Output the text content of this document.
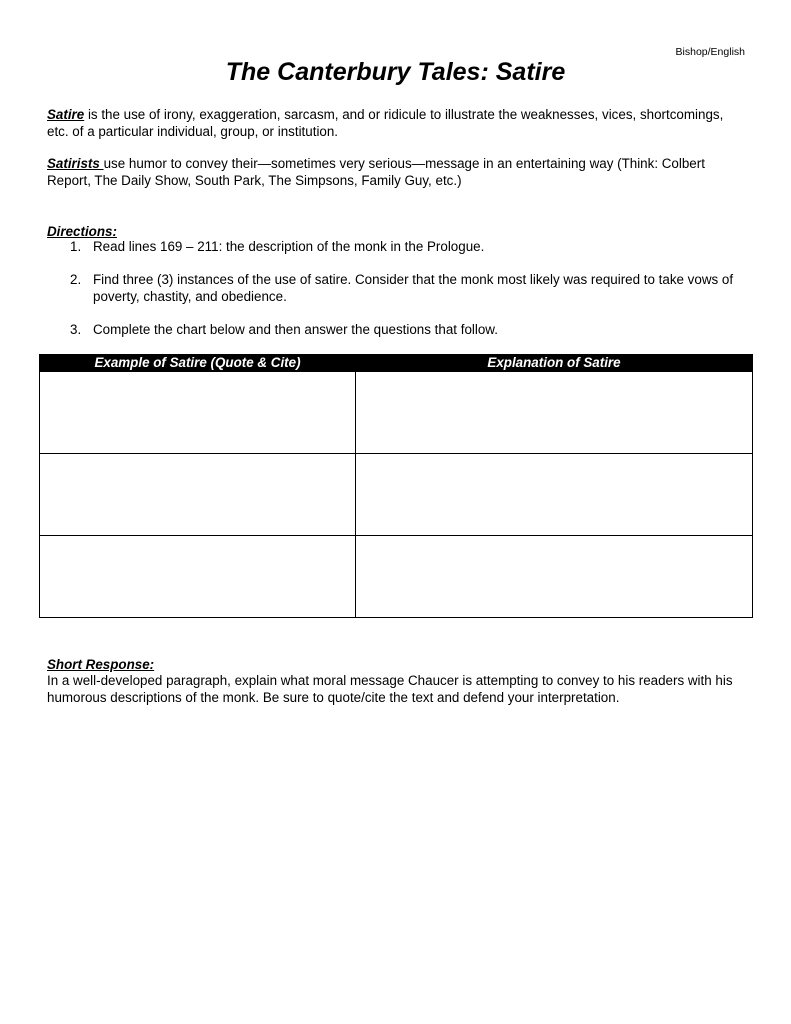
Bishop/English
The Canterbury Tales: Satire

Satire is the use of irony, exaggeration, sarcasm, and or ridicule to illustrate the weaknesses, vices, shortcomings, etc. of a particular individual, group, or institution.

Satirists use humor to convey their—sometimes very serious—message in an entertaining way (Think: Colbert Report, The Daily Show, South Park, The Simpsons, Family Guy, etc.)

Directions:

1. Read lines 169 – 211: the description of the monk in the Prologue.
2. Find three (3) instances of the use of satire. Consider that the monk most likely was required to take vows of poverty, chastity, and obedience.
3. Complete the chart below and then answer the questions that follow.
Example of Satire (Quote & Cite)	Explanation of Satire

Short Response:

In a well-developed paragraph, explain what moral message Chaucer is attempting to convey to his readers with his humorous descriptions of the monk. Be sure to quote/cite the text and defend your interpretation.
